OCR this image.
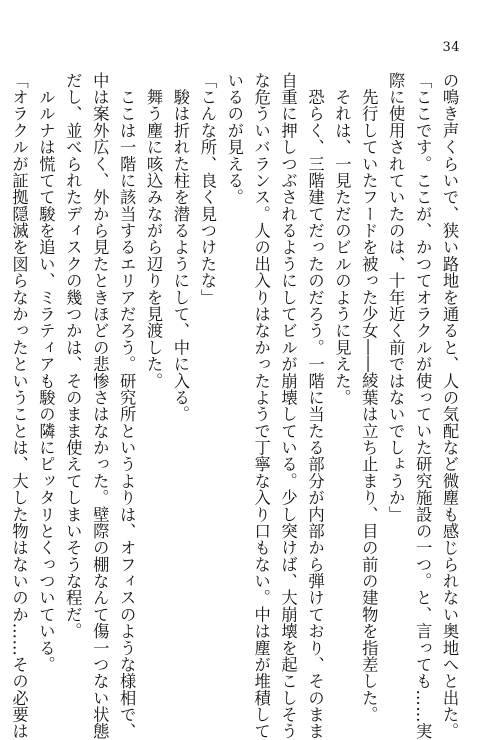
34
の鳴き声くらいで、狭い路地を通ると、人の気配など微塵も感じられない奥地へと出た。
「ここです。ここが、かつてオラクルが使っていた研究施設の一つ。と、言っても……実
際に使用されていたのは、十年近く前ではないでしょうか」
　先行していたフードを被った少女――綾葉は立ち止まり、目の前の建物を指差した。
　それは、一見ただのビルのように見えた。
　恐らく、三階建てだったのだろう。一階に当たる部分が内部から弾けており、そのまま
自重に押しつぶされるようにしてビルが崩壊している。少し突けば、大崩壊を起こしそう
な危ういバランス。人の出入りはなかったようで丁寧な入り口もない。中は塵が堆積して
いるのが見える。
「こんな所、良く見つけたな」
　駿は折れた柱を潜るようにして、中に入る。
　舞う塵に咳込みながら辺りを見渡した。
　ここは一階に該当するエリアだろう。研究所というよりは、オフィスのような様相で、
中は案外広く、外から見たときほどの悲惨さはなかった。壁際の棚なんて傷一つない状態
だし、並べられたディスクの幾つかは、そのまま使えてしまいそうな程だ。
　ルルナは慌てて駿を追い、ミラティアも駿の隣にピッタリとくっついている。
「オラクルが証拠隠滅を図らなかったということは、大した物はないのか……その必要は
